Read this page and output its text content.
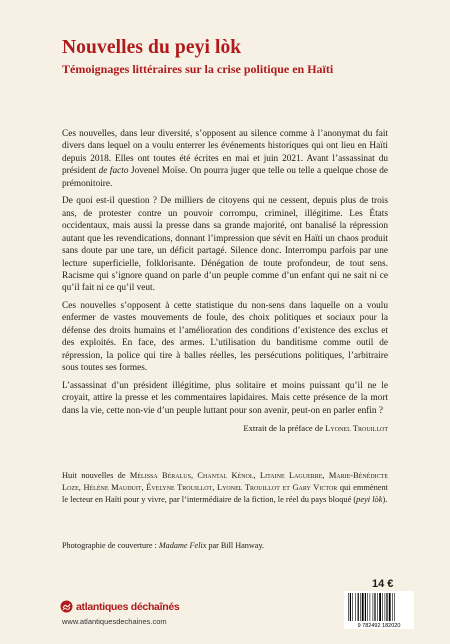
Nouvelles du peyi lòk
Témoignages littéraires sur la crise politique en Haïti

Ces nouvelles, dans leur diversité, s’opposent au silence comme à l’anonymat du fait divers dans lequel on a voulu enterrer les événements historiques qui ont lieu en Haïti depuis 2018. Elles ont toutes été écrites en mai et juin 2021. Avant l’assassinat du président de facto Jovenel Moïse. On pourra juger que telle ou telle a quelque chose de prémonitoire.

De quoi est-il question ? De milliers de citoyens qui ne cessent, depuis plus de trois ans, de protester contre un pouvoir corrompu, criminel, illégitime. Les États occidentaux, mais aussi la presse dans sa grande majorité, ont banalisé la répression autant que les revendications, donnant l’impression que sévit en Haïti un chaos produit sans doute par une tare, un déficit partagé. Silence donc. Interrompu parfois par une lecture superficielle, folklorisante. Dénégation de toute profondeur, de tout sens. Racisme qui s’ignore quand on parle d’un peuple comme d’un enfant qui ne sait ni ce qu’il fait ni ce qu’il veut.

Ces nouvelles s’opposent à cette statistique du non-sens dans laquelle on a voulu enfermer de vastes mouvements de foule, des choix politiques et sociaux pour la défense des droits humains et l’amélioration des conditions d’existence des exclus et des exploités. En face, des armes. L’utilisation du banditisme comme outil de répression, la police qui tire à balles réelles, les persécutions politiques, l’arbitraire sous toutes ses formes.

L’assassinat d’un président illégitime, plus solitaire et moins puissant qu’il ne le croyait, attire la presse et les commentaires lapidaires. Mais cette présence de la mort dans la vie, cette non-vie d’un peuple luttant pour son avenir, peut-on en parler enfin ?

Extrait de la préface de Lyonel Trouillot

Huit nouvelles de Mélissa Béralus, Chantal Kénol, Litaine Laguerre, Marie-Bénédicte Loze, Hélène Mauduit, Évelyne Trouillot, Lyonel Trouillot et Gary Victor qui emmènent le lecteur en Haïti pour y vivre, par l’intermédiaire de la fiction, le réel du pays bloqué (peyi lòk).

Photographie de couverture : Madame Felix par Bill Hanway.
14 €
9 782492 182020
atlantiques déchaînés
www.atlantiquesdechaines.com
